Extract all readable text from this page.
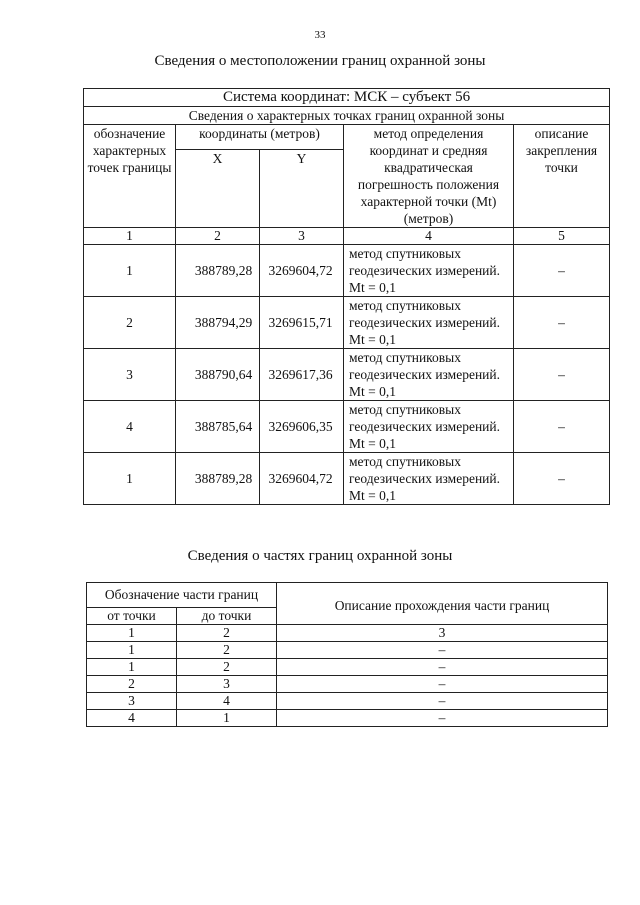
33
Сведения о местоположении границ охранной зоны
Система координат: МСК – субъект 56				
Сведения о характерных точках границ охранной зоны				
обозначение характерных точек границы	координаты (метров)		метод определения координат и средняя квадратическая погрешность положения характерной точки (Mt) (метров)	описание закрепления точки
	X	Y		
1	2	3	4	5
1	388789,28	3269604,72	метод спутниковых геодезических измерений. Mt = 0,1	–
2	388794,29	3269615,71	метод спутниковых геодезических измерений. Mt = 0,1	–
3	388790,64	3269617,36	метод спутниковых геодезических измерений. Mt = 0,1	–
4	388785,64	3269606,35	метод спутниковых геодезических измерений. Mt = 0,1	–
1	388789,28	3269604,72	метод спутниковых геодезических измерений. Mt = 0,1	–
Сведения о частях границ охранной зоны
Обозначение части границ		Описание прохождения части границ
от точки	до точки	
1	2	3
1	2	–
1	2	–
2	3	–
3	4	–
4	1	–
